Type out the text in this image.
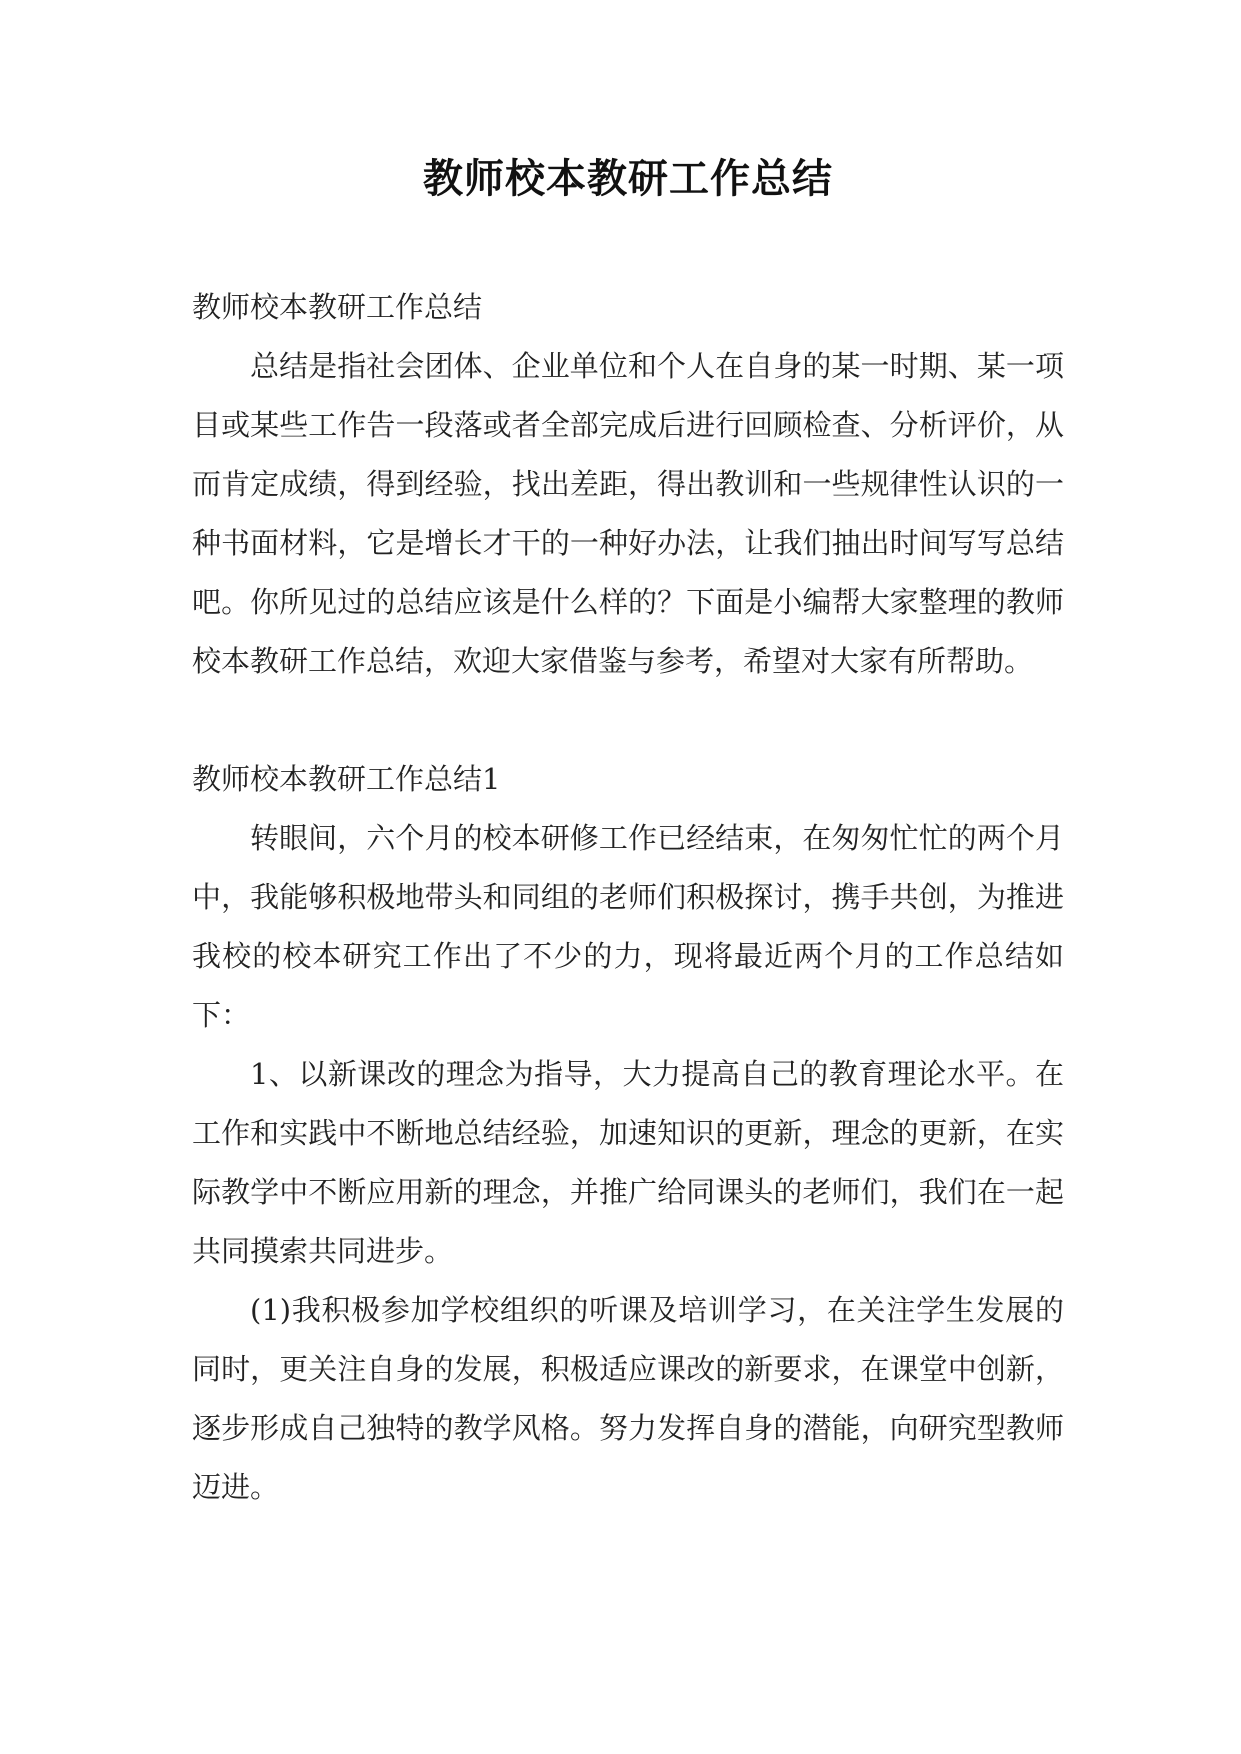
教师校本教研工作总结

教师校本教研工作总结

总结是指社会团体、企业单位和个人在自身的某一时期、某一项目或某些工作告一段落或者全部完成后进行回顾检查、分析评价，从而肯定成绩，得到经验，找出差距，得出教训和一些规律性认识的一种书面材料，它是增长才干的一种好办法，让我们抽出时间写写总结吧。你所见过的总结应该是什么样的？下面是小编帮大家整理的教师校本教研工作总结，欢迎大家借鉴与参考，希望对大家有所帮助。

教师校本教研工作总结1

转眼间，六个月的校本研修工作已经结束，在匆匆忙忙的两个月中，我能够积极地带头和同组的老师们积极探讨，携手共创，为推进我校的校本研究工作出了不少的力，现将最近两个月的工作总结如下：

1、以新课改的理念为指导，大力提高自己的教育理论水平。在工作和实践中不断地总结经验，加速知识的更新，理念的更新，在实际教学中不断应用新的理念，并推广给同课头的老师们，我们在一起共同摸索共同进步。

(1)我积极参加学校组织的听课及培训学习，在关注学生发展的同时，更关注自身的发展，积极适应课改的新要求，在课堂中创新，逐步形成自己独特的教学风格。努力发挥自身的潜能，向研究型教师迈进。
